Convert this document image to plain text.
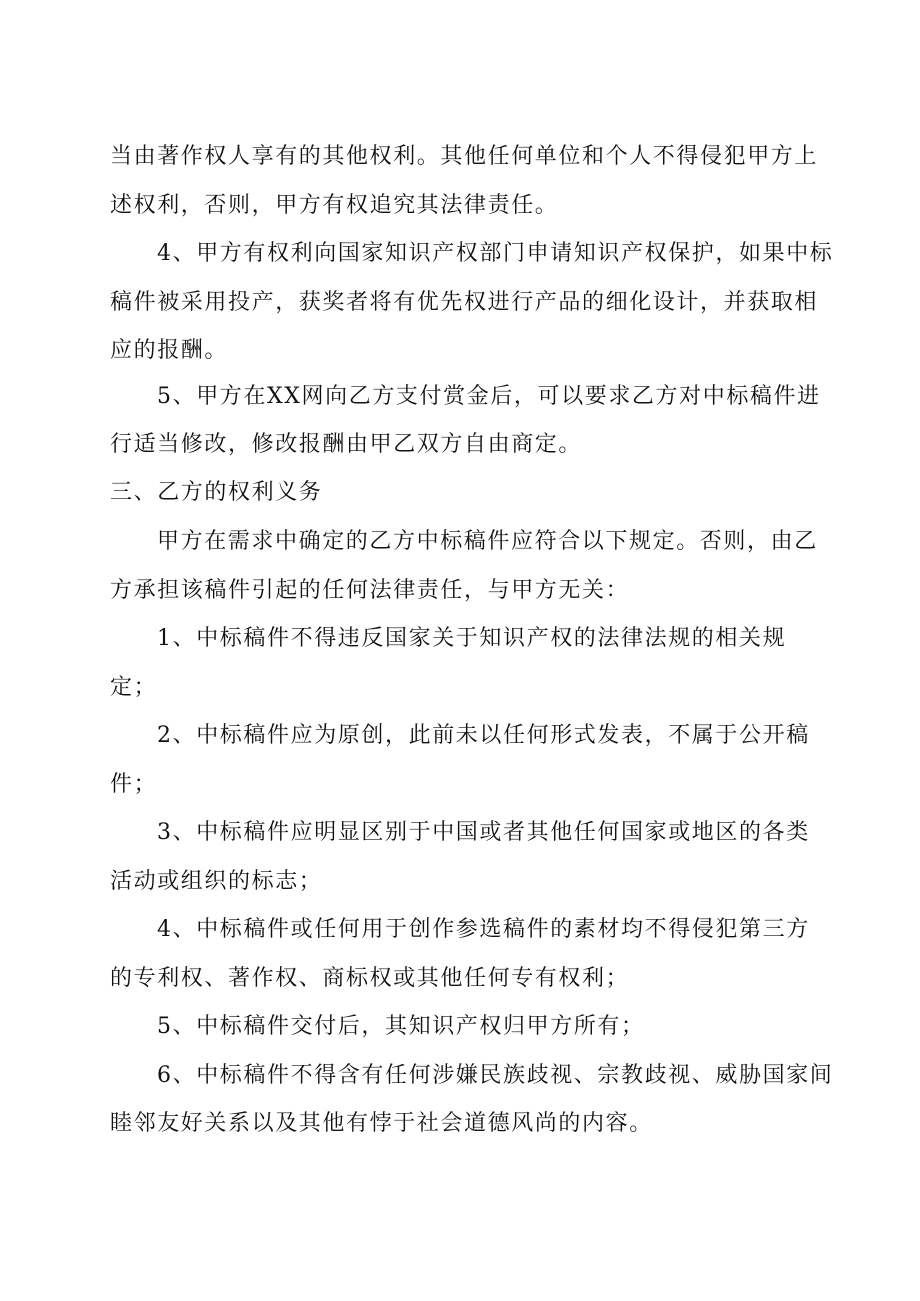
当由著作权人享有的其他权利。其他任何单位和个人不得侵犯甲方上
述权利，否则，甲方有权追究其法律责任。
4、甲方有权利向国家知识产权部门申请知识产权保护，如果中标
稿件被采用投产，获奖者将有优先权进行产品的细化设计，并获取相
应的报酬。
5、甲方在XX网向乙方支付赏金后，可以要求乙方对中标稿件进
行适当修改，修改报酬由甲乙双方自由商定。
三、乙方的权利义务
甲方在需求中确定的乙方中标稿件应符合以下规定。否则，由乙
方承担该稿件引起的任何法律责任，与甲方无关：
1、中标稿件不得违反国家关于知识产权的法律法规的相关规
定；
2、中标稿件应为原创，此前未以任何形式发表，不属于公开稿
件；
3、中标稿件应明显区别于中国或者其他任何国家或地区的各类
活动或组织的标志；
4、中标稿件或任何用于创作参选稿件的素材均不得侵犯第三方
的专利权、著作权、商标权或其他任何专有权利；
5、中标稿件交付后，其知识产权归甲方所有；
6、中标稿件不得含有任何涉嫌民族歧视、宗教歧视、威胁国家间
睦邻友好关系以及其他有悖于社会道德风尚的内容。
